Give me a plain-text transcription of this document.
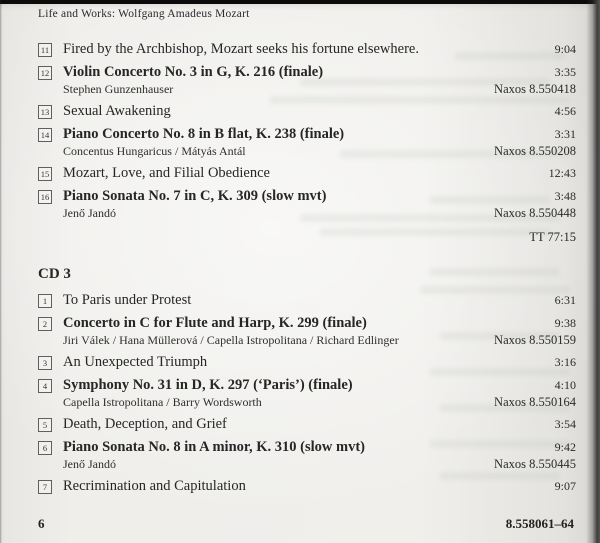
Life and Works: Wolfgang Amadeus Mozart
11 Fired by the Archbishop, Mozart seeks his fortune elsewhere.	9:04
12 Violin Concerto No. 3 in G, K. 216 (finale)	3:35
Stephen Gunzenhauser	Naxos 8.550418
13 Sexual Awakening	4:56
14 Piano Concerto No. 8 in B flat, K. 238 (finale)	3:31
Concentus Hungaricus / Mátyás Antál	Naxos 8.550208
15 Mozart, Love, and Filial Obedience	12:43
16 Piano Sonata No. 7 in C, K. 309 (slow mvt)	3:48
Jenő Jandó	Naxos 8.550448
TT 77:15
CD 3
1	To Paris under Protest	6:31
2	Concerto in C for Flute and Harp, K. 299 (finale)	9:38
Jiri Válek / Hana Müllerová / Capella Istropolitana / Richard Edlinger	Naxos 8.550159
3	An Unexpected Triumph	3:16
4	Symphony No. 31 in D, K. 297 (‘Paris’) (finale)	4:10
Capella Istropolitana / Barry Wordsworth	Naxos 8.550164
5	Death, Deception, and Grief	3:54
6	Piano Sonata No. 8 in A minor, K. 310 (slow mvt)	9:42
Jenő Jandó	Naxos 8.550445
7	Recrimination and Capitulation	9:07
6	8.558061–64
